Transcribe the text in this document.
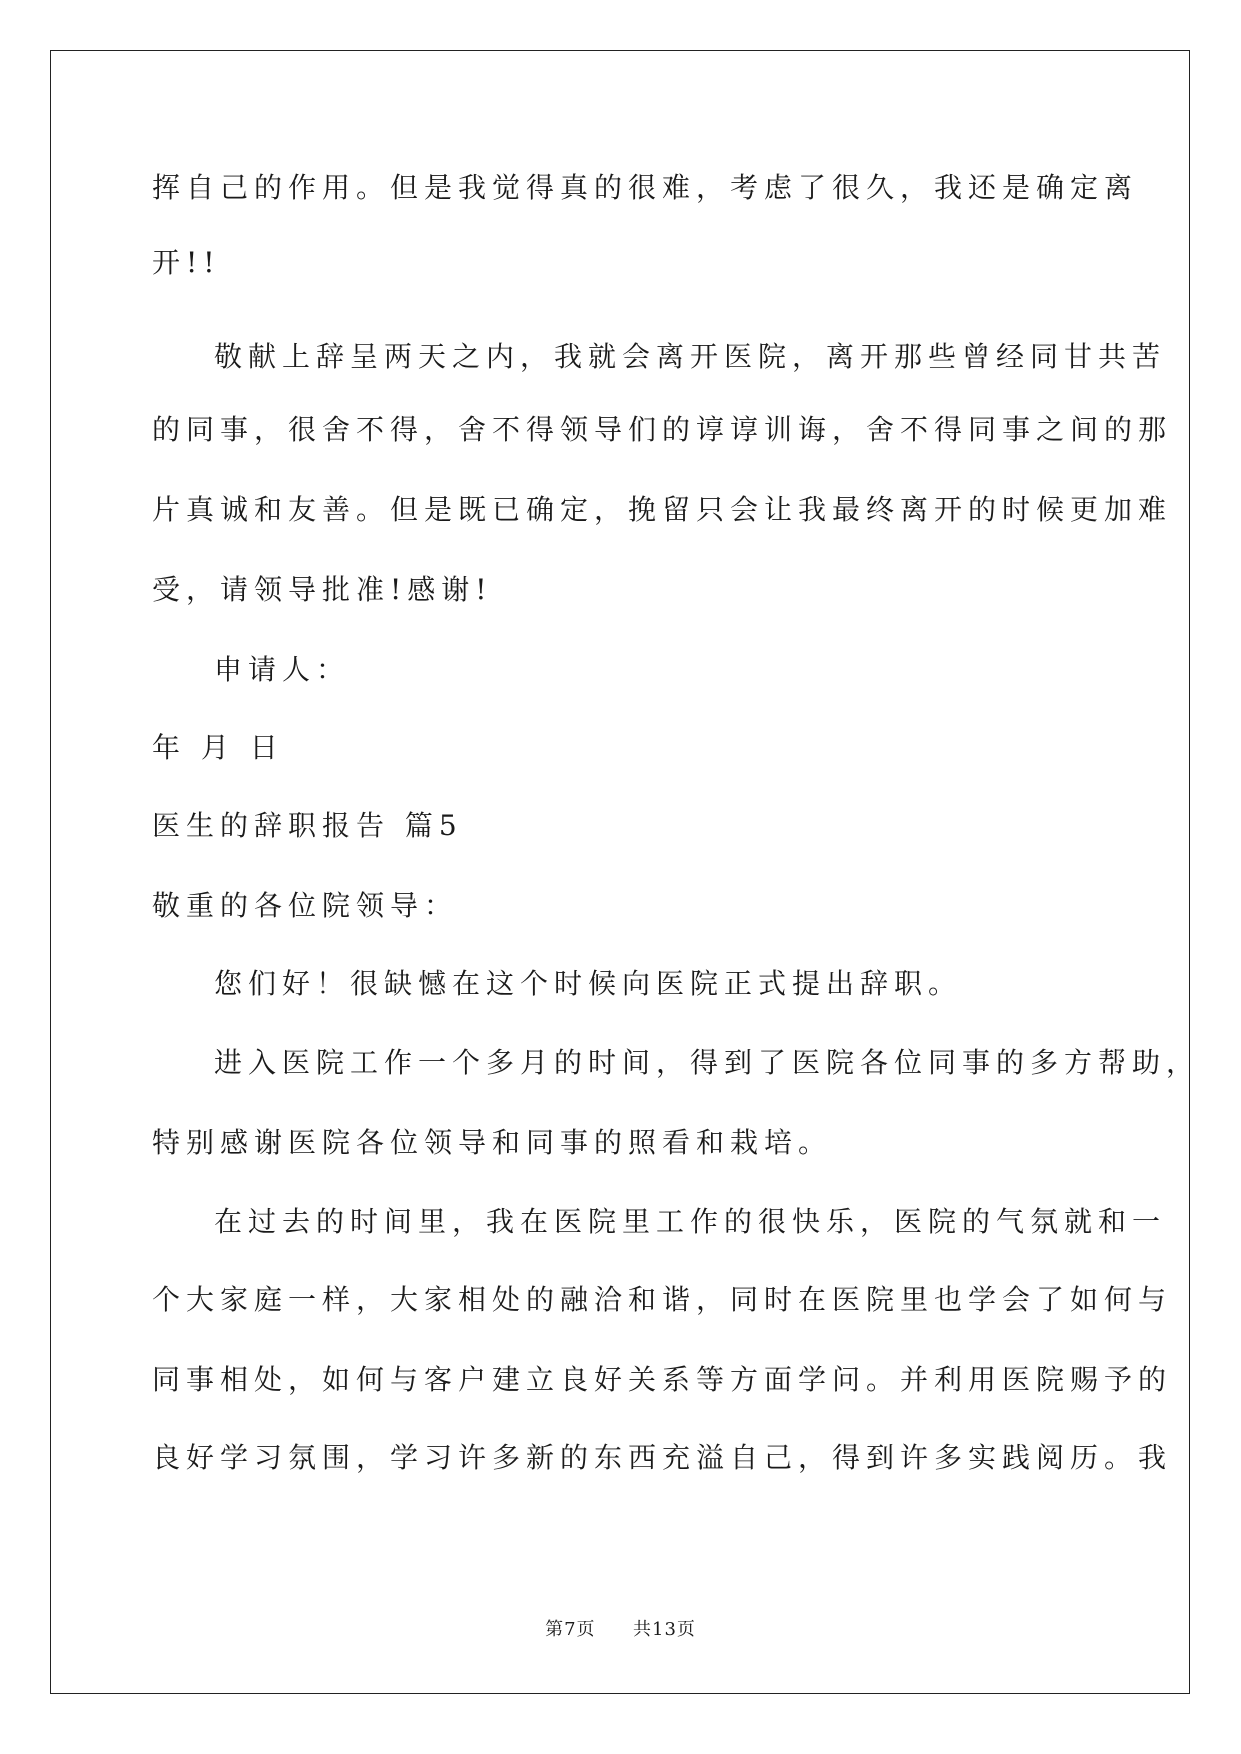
挥自己的作用。但是我觉得真的很难，考虑了很久，我还是确定离
开!!
敬献上辞呈两天之内，我就会离开医院，离开那些曾经同甘共苦
的同事，很舍不得，舍不得领导们的谆谆训诲，舍不得同事之间的那
片真诚和友善。但是既已确定，挽留只会让我最终离开的时候更加难
受，请领导批准!感谢!
申请人：
年 月 日
医生的辞职报告 篇5
敬重的各位院领导：
您们好！很缺憾在这个时候向医院正式提出辞职。
进入医院工作一个多月的时间，得到了医院各位同事的多方帮助，
特别感谢医院各位领导和同事的照看和栽培。
在过去的时间里，我在医院里工作的很快乐，医院的气氛就和一
个大家庭一样，大家相处的融洽和谐，同时在医院里也学会了如何与
同事相处，如何与客户建立良好关系等方面学问。并利用医院赐予的
良好学习氛围，学习许多新的东西充溢自己，得到许多实践阅历。我
第7页 共13页
